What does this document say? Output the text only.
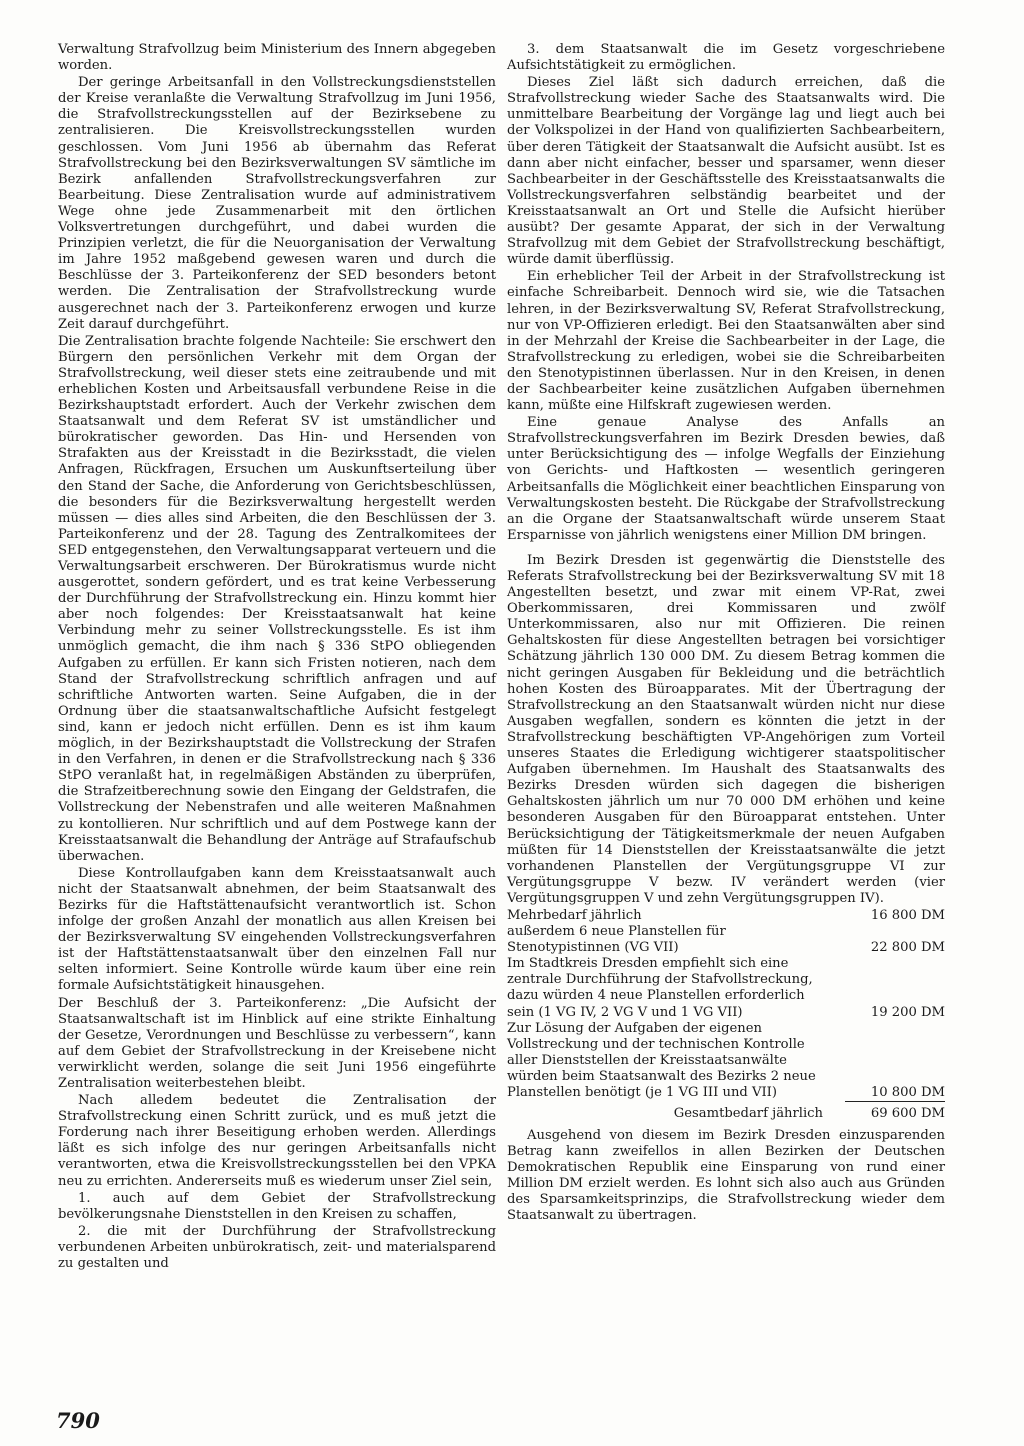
Verwaltung Strafvollzug beim Ministerium des Innern abgegeben worden.

Der geringe Arbeitsanfall in den Vollstreckungsdienststellen der Kreise veranlaßte die Verwaltung Strafvollzug im Juni 1956, die Strafvollstreckungsstellen auf der Bezirksebene zu zentralisieren. Die Kreisvollstreckungsstellen wurden geschlossen. Vom Juni 1956 ab übernahm das Referat Strafvollstreckung bei den Bezirksverwaltungen SV sämtliche im Bezirk anfallenden Strafvollstreckungsverfahren zur Bearbeitung. Diese Zentralisation wurde auf administrativem Wege ohne jede Zusammenarbeit mit den örtlichen Volksvertretungen durchgeführt, und dabei wurden die Prinzipien verletzt, die für die Neuorganisation der Verwaltung im Jahre 1952 maßgebend gewesen waren und durch die Beschlüsse der 3. Parteikonferenz der SED besonders betont werden. Die Zentralisation der Strafvollstreckung wurde ausgerechnet nach der 3. Parteikonferenz erwogen und kurze Zeit darauf durchgeführt.

Die Zentralisation brachte folgende Nachteile: Sie erschwert den Bürgern den persönlichen Verkehr mit dem Organ der Strafvollstreckung, weil dieser stets eine zeitraubende und mit erheblichen Kosten und Arbeitsausfall verbundene Reise in die Bezirkshauptstadt erfordert. Auch der Verkehr zwischen dem Staatsanwalt und dem Referat SV ist umständlicher und bürokratischer geworden. Das Hin- und Hersenden von Strafakten aus der Kreisstadt in die Bezirksstadt, die vielen Anfragen, Rückfragen, Ersuchen um Auskunftserteilung über den Stand der Sache, die Anforderung von Gerichtsbeschlüssen, die besonders für die Bezirksverwaltung hergestellt werden müssen — dies alles sind Arbeiten, die den Beschlüssen der 3. Parteikonferenz und der 28. Tagung des Zentralkomitees der SED entgegenstehen, den Verwaltungsapparat verteuern und die Verwaltungsarbeit erschweren. Der Bürokratismus wurde nicht ausgerottet, sondern gefördert, und es trat keine Verbesserung der Durchführung der Strafvollstreckung ein. Hinzu kommt hier aber noch folgendes: Der Kreisstaatsanwalt hat keine Verbindung mehr zu seiner Vollstreckungsstelle. Es ist ihm unmöglich gemacht, die ihm nach § 336 StPO obliegenden Aufgaben zu erfüllen. Er kann sich Fristen notieren, nach dem Stand der Strafvollstreckung schriftlich anfragen und auf schriftliche Antworten warten. Seine Aufgaben, die in der Ordnung über die staatsanwaltschaftliche Aufsicht festgelegt sind, kann er jedoch nicht erfüllen. Denn es ist ihm kaum möglich, in der Bezirkshauptstadt die Vollstreckung der Strafen in den Verfahren, in denen er die Strafvollstreckung nach § 336 StPO veranlaßt hat, in regelmäßigen Abständen zu überprüfen, die Strafzeitberechnung sowie den Eingang der Geldstrafen, die Vollstreckung der Nebenstrafen und alle weiteren Maßnahmen zu kontollieren. Nur schriftlich und auf dem Postwege kann der Kreisstaatsanwalt die Behandlung der Anträge auf Strafaufschub überwachen.

Diese Kontrollaufgaben kann dem Kreisstaatsanwalt auch nicht der Staatsanwalt abnehmen, der beim Staatsanwalt des Bezirks für die Haftstättenaufsicht verantwortlich ist. Schon infolge der großen Anzahl der monatlich aus allen Kreisen bei der Bezirksverwaltung SV eingehenden Vollstreckungsverfahren ist der Haftstättenstaatsanwalt über den einzelnen Fall nur selten informiert. Seine Kontrolle würde kaum über eine rein formale Aufsichtstätigkeit hinausgehen.

Der Beschluß der 3. Parteikonferenz: „Die Aufsicht der Staatsanwaltschaft ist im Hinblick auf eine strikte Einhaltung der Gesetze, Verordnungen und Beschlüsse zu verbessern“, kann auf dem Gebiet der Strafvollstreckung in der Kreisebene nicht verwirklicht werden, solange die seit Juni 1956 eingeführte Zentralisation weiterbestehen bleibt.

Nach alledem bedeutet die Zentralisation der Strafvollstreckung einen Schritt zurück, und es muß jetzt die Forderung nach ihrer Beseitigung erhoben werden. Allerdings läßt es sich infolge des nur geringen Arbeitsanfalls nicht verantworten, etwa die Kreisvollstreckungsstellen bei den VPKA neu zu errichten. Andererseits muß es wiederum unser Ziel sein,

1. auch auf dem Gebiet der Strafvollstreckung bevölkerungsnahe Dienststellen in den Kreisen zu schaffen,

2. die mit der Durchführung der Strafvollstreckung verbundenen Arbeiten unbürokratisch, zeit- und materialsparend zu gestalten und

3. dem Staatsanwalt die im Gesetz vorgeschriebene Aufsichtstätigkeit zu ermöglichen.

Dieses Ziel läßt sich dadurch erreichen, daß die Strafvollstreckung wieder Sache des Staatsanwalts wird. Die unmittelbare Bearbeitung der Vorgänge lag und liegt auch bei der Volkspolizei in der Hand von qualifizierten Sachbearbeitern, über deren Tätigkeit der Staatsanwalt die Aufsicht ausübt. Ist es dann aber nicht einfacher, besser und sparsamer, wenn dieser Sachbearbeiter in der Geschäftsstelle des Kreisstaatsanwalts die Vollstreckungsverfahren selbständig bearbeitet und der Kreisstaatsanwalt an Ort und Stelle die Aufsicht hierüber ausübt? Der gesamte Apparat, der sich in der Verwaltung Strafvollzug mit dem Gebiet der Strafvollstreckung beschäftigt, würde damit überflüssig.

Ein erheblicher Teil der Arbeit in der Strafvollstreckung ist einfache Schreibarbeit. Dennoch wird sie, wie die Tatsachen lehren, in der Bezirksverwaltung SV, Referat Strafvollstreckung, nur von VP-Offizieren erledigt. Bei den Staatsanwälten aber sind in der Mehrzahl der Kreise die Sachbearbeiter in der Lage, die Strafvollstreckung zu erledigen, wobei sie die Schreibarbeiten den Stenotypistinnen überlassen. Nur in den Kreisen, in denen der Sachbearbeiter keine zusätzlichen Aufgaben übernehmen kann, müßte eine Hilfskraft zugewiesen werden.

Eine genaue Analyse des Anfalls an Strafvollstreckungsverfahren im Bezirk Dresden bewies, daß unter Berücksichtigung des — infolge Wegfalls der Einziehung von Gerichts- und Haftkosten — wesentlich geringeren Arbeitsanfalls die Möglichkeit einer beachtlichen Einsparung von Verwaltungskosten besteht. Die Rückgabe der Strafvollstreckung an die Organe der Staatsanwaltschaft würde unserem Staat Ersparnisse von jährlich wenigstens einer Million DM bringen.

Im Bezirk Dresden ist gegenwärtig die Dienststelle des Referats Strafvollstreckung bei der Bezirksverwaltung SV mit 18 Angestellten besetzt, und zwar mit einem VP-Rat, zwei Oberkommissaren, drei Kommissaren und zwölf Unterkommissaren, also nur mit Offizieren. Die reinen Gehaltskosten für diese Angestellten betragen bei vorsichtiger Schätzung jährlich 130 000 DM. Zu diesem Betrag kommen die nicht geringen Ausgaben für Bekleidung und die beträchtlich hohen Kosten des Büroapparates. Mit der Übertragung der Strafvollstreckung an den Staatsanwalt würden nicht nur diese Ausgaben wegfallen, sondern es könnten die jetzt in der Strafvollstreckung beschäftigten VP-Angehörigen zum Vorteil unseres Staates die Erledigung wichtigerer staatspolitischer Aufgaben übernehmen. Im Haushalt des Staatsanwalts des Bezirks Dresden würden sich dagegen die bisherigen Gehaltskosten jährlich um nur 70 000 DM erhöhen und keine besonderen Ausgaben für den Büroapparat entstehen. Unter Berücksichtigung der Tätigkeitsmerkmale der neuen Aufgaben müßten für 14 Dienststellen der Kreisstaatsanwälte die jetzt vorhandenen Planstellen der Vergütungsgruppe VI zur Vergütungsgruppe V bezw. IV verändert werden (vier Vergütungsgruppen V und zehn Vergütungsgruppen IV).

Mehrbedarf jährlich	16 800 DM
außerdem 6 neue Planstellen für Stenotypistinnen (VG VII)	22 800 DM
Im Stadtkreis Dresden empfiehlt sich eine zentrale Durchführung der Stafvollstreckung, dazu würden 4 neue Planstellen erforderlich sein (1 VG IV, 2 VG V und 1 VG VII)	19 200 DM
Zur Lösung der Aufgaben der eigenen Vollstreckung und der technischen Kontrolle aller Dienststellen der Kreisstaatsanwälte würden beim Staatsanwalt des Bezirks 2 neue Planstellen benötigt (je 1 VG III und VII)	10 800 DM
Gesamtbedarf jährlich	69 600 DM

Ausgehend von diesem im Bezirk Dresden einzusparenden Betrag kann zweifellos in allen Bezirken der Deutschen Demokratischen Republik eine Einsparung von rund einer Million DM erzielt werden. Es lohnt sich also auch aus Gründen des Sparsamkeitsprinzips, die Strafvollstreckung wieder dem Staatsanwalt zu übertragen.

790
